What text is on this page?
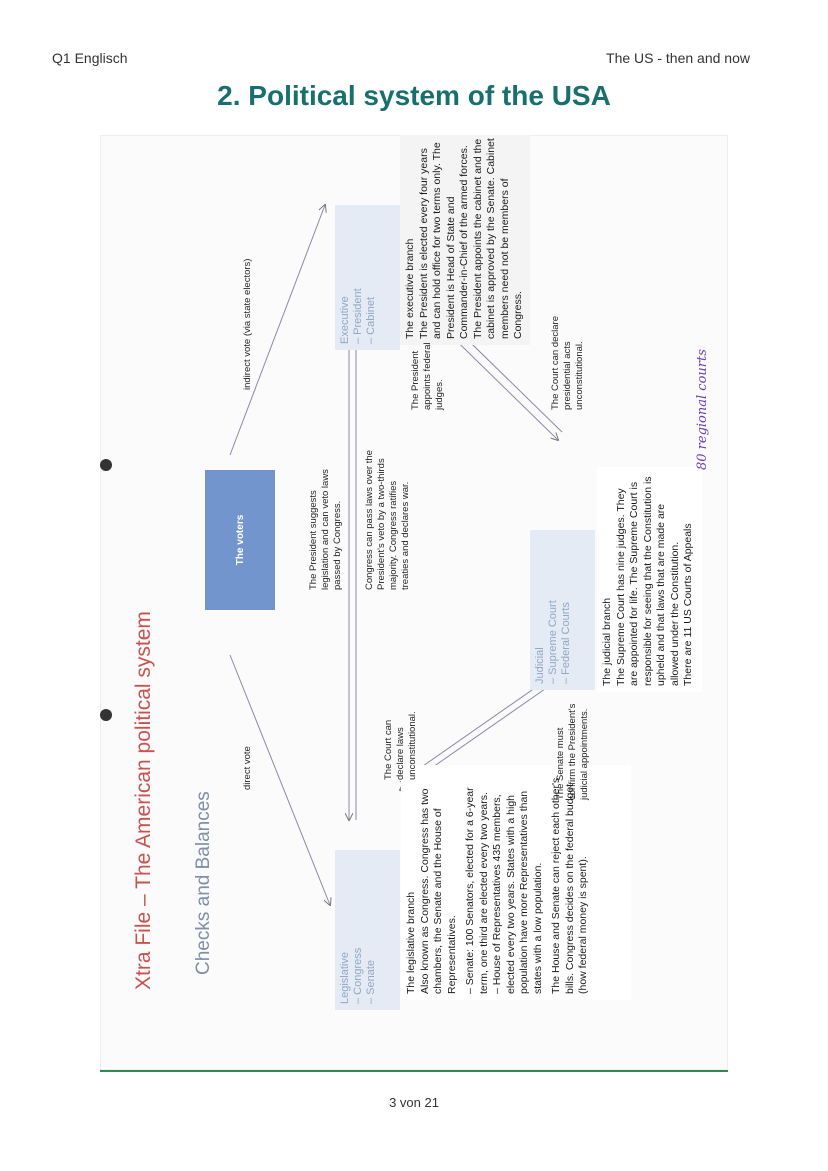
Q1 Englisch	The US - then and now
2. Political system of the USA
Xtra File – The American political system Checks and Balances
The voters
direct vote
indirect vote (via state electors)
Legislative – Congress – Senate	The legislative branch Also known as Congress. Congress has two chambers, the Senate and the House of Representatives. – Senate: 100 Senators, elected for a 6-year term, one third are elected every two years. – House of Representatives 435 members, elected every two years. States with a high population have more Representatives than states with a low population. The House and Senate can reject each other's bills. Congress decides on the federal budget (how federal money is spent).
Executive – President – Cabinet	The executive branch The President is elected every four years and can hold office for two terms only. The President is Head of State and Commander-in-Chief of the armed forces. The President appoints the cabinet and the cabinet is approved by the Senate. Cabinet members need not be members of Congress.
Judicial – Supreme Court – Federal Courts	The judicial branch The Supreme Court has nine judges. They are appointed for life. The Supreme Court is responsible for seeing that the Constitution is upheld and that laws that are made are allowed under the Constitution. There are 11 US Courts of Appeals
The President suggests legislation and can veto laws passed by Congress. Congress can pass laws over the President's veto by a two-thirds majority. Congress ratifies treaties and declares war.
The Court can declare laws unconstitutional.	The Senate must confirm the President's judicial appointments.
The President appoints federal judges.	The Court can declare presidential acts unconstitutional.	80 regional courts
3 von 21
